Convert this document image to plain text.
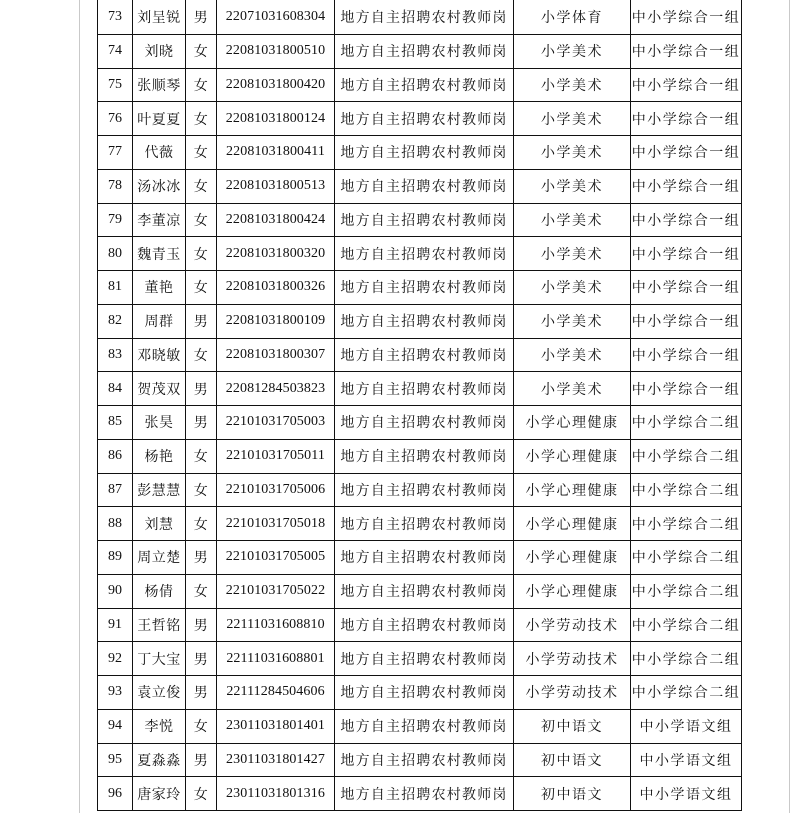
73	刘呈锐	男	22071031608304	地方自主招聘农村教师岗	小学体育	中小学综合一组
74	刘晓	女	22081031800510	地方自主招聘农村教师岗	小学美术	中小学综合一组
75	张顺琴	女	22081031800420	地方自主招聘农村教师岗	小学美术	中小学综合一组
76	叶夏夏	女	22081031800124	地方自主招聘农村教师岗	小学美术	中小学综合一组
77	代薇	女	22081031800411	地方自主招聘农村教师岗	小学美术	中小学综合一组
78	汤冰冰	女	22081031800513	地方自主招聘农村教师岗	小学美术	中小学综合一组
79	李董凉	女	22081031800424	地方自主招聘农村教师岗	小学美术	中小学综合一组
80	魏青玉	女	22081031800320	地方自主招聘农村教师岗	小学美术	中小学综合一组
81	董艳	女	22081031800326	地方自主招聘农村教师岗	小学美术	中小学综合一组
82	周群	男	22081031800109	地方自主招聘农村教师岗	小学美术	中小学综合一组
83	邓晓敏	女	22081031800307	地方自主招聘农村教师岗	小学美术	中小学综合一组
84	贺茂双	男	22081284503823	地方自主招聘农村教师岗	小学美术	中小学综合一组
85	张昊	男	22101031705003	地方自主招聘农村教师岗	小学心理健康	中小学综合二组
86	杨艳	女	22101031705011	地方自主招聘农村教师岗	小学心理健康	中小学综合二组
87	彭慧慧	女	22101031705006	地方自主招聘农村教师岗	小学心理健康	中小学综合二组
88	刘慧	女	22101031705018	地方自主招聘农村教师岗	小学心理健康	中小学综合二组
89	周立楚	男	22101031705005	地方自主招聘农村教师岗	小学心理健康	中小学综合二组
90	杨倩	女	22101031705022	地方自主招聘农村教师岗	小学心理健康	中小学综合二组
91	王哲铭	男	22111031608810	地方自主招聘农村教师岗	小学劳动技术	中小学综合二组
92	丁大宝	男	22111031608801	地方自主招聘农村教师岗	小学劳动技术	中小学综合二组
93	袁立俊	男	22111284504606	地方自主招聘农村教师岗	小学劳动技术	中小学综合二组
94	李悦	女	23011031801401	地方自主招聘农村教师岗	初中语文	中小学语文组
95	夏淼淼	男	23011031801427	地方自主招聘农村教师岗	初中语文	中小学语文组
96	唐家玲	女	23011031801316	地方自主招聘农村教师岗	初中语文	中小学语文组
